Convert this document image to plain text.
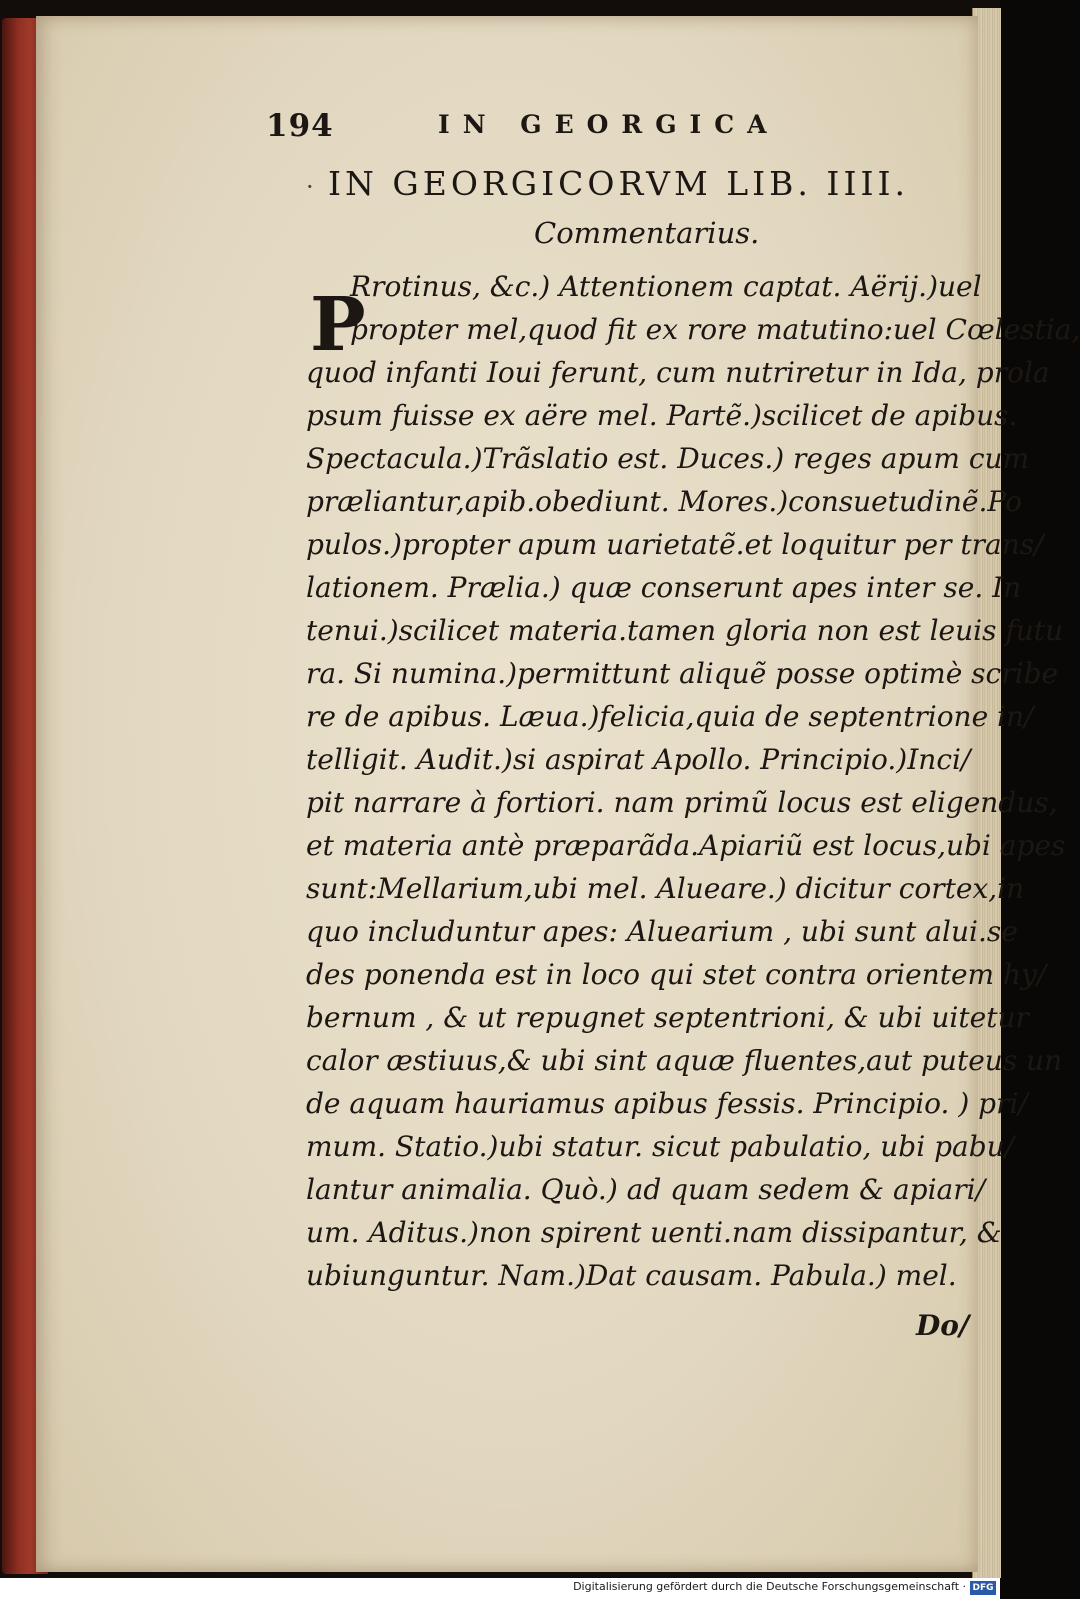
194	IN GEORGICA
· IN GEORGICORVM LIB. IIII.
Commentarius.
P
Rrotinus, &c.) Attentionem captat. Aërij.)uel
propter mel,quod fit ex rore matutino:uel Cœlestia,
quod infanti Ioui ferunt, cum nutriretur in Ida, prola
psum fuisse ex aëre mel. Partẽ.)scilicet de apibus.
Spectacula.)Trãslatio est. Duces.) reges apum cum
præliantur,apib.obediunt. Mores.)consuetudinẽ.Po
pulos.)propter apum uarietatẽ.et loquitur per trans/
lationem. Prælia.) quæ conserunt apes inter se. In
tenui.)scilicet materia.tamen gloria non est leuis futu
ra. Si numina.)permittunt aliquẽ posse optimè scribe
re de apibus. Læua.)felicia,quia de septentrione in/
telligit. Audit.)si aspirat Apollo. Principio.)Inci/
pit narrare à fortiori. nam primũ locus est eligendus,
et materia antè præparãda.Apiariũ est locus,ubi apes
sunt:Mellarium,ubi mel. Alueare.) dicitur cortex,in
quo includuntur apes: Aluearium , ubi sunt alui.se
des ponenda est in loco qui stet contra orientem hy/
bernum , & ut repugnet septentrioni, & ubi uitetur
calor æstiuus,& ubi sint aquæ fluentes,aut puteus un
de aquam hauriamus apibus fessis. Principio. ) pri/
mum. Statio.)ubi statur. sicut pabulatio, ubi pabu/
lantur animalia. Quò.) ad quam sedem & apiari/
um. Aditus.)non spirent uenti.nam dissipantur, &
ubiunguntur. Nam.)Dat causam. Pabula.) mel.
Do/
Digitalisierung gefördert durch die Deutsche Forschungsgemeinschaft · DFG
